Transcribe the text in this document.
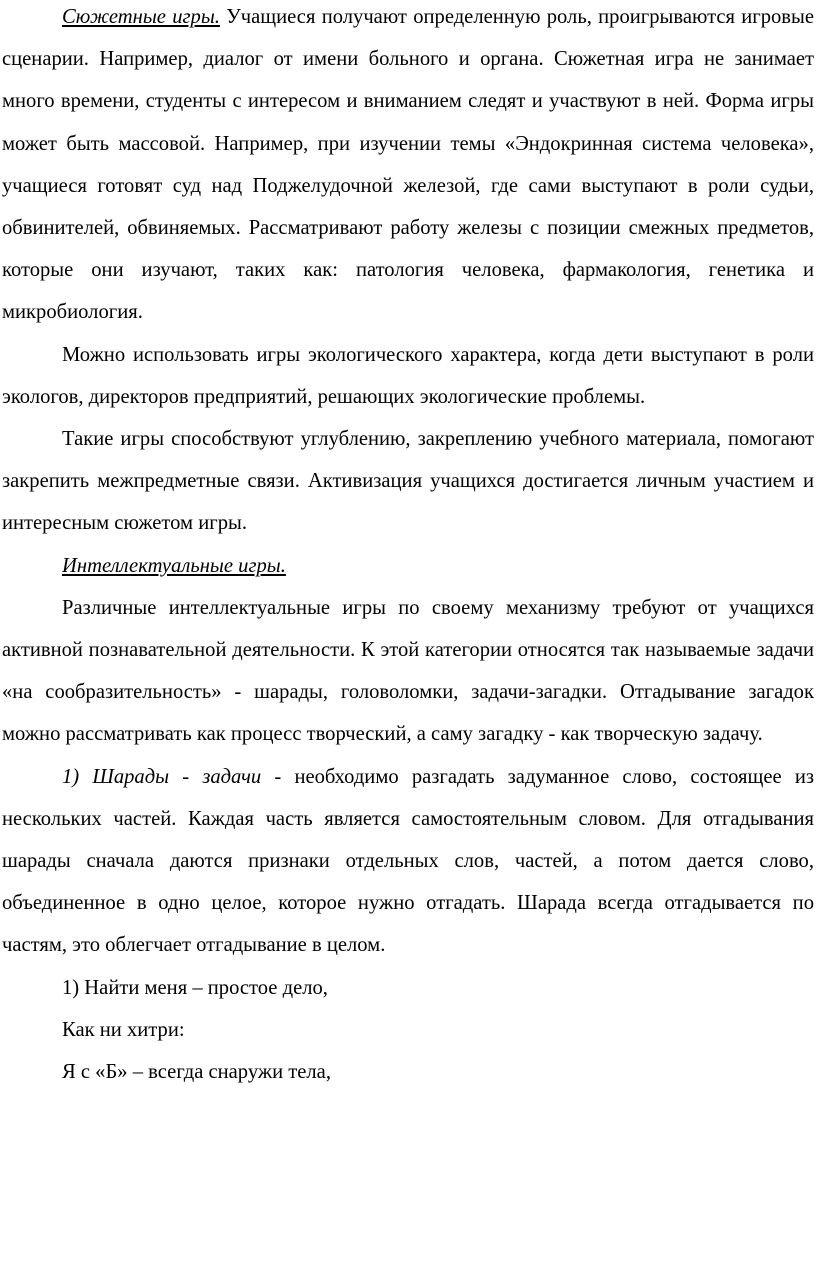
Сюжетные игры. Учащиеся получают определенную роль, проигрываются игровые сценарии. Например, диалог от имени больного и органа. Сюжетная игра не занимает много времени, студенты с интересом и вниманием следят и участвуют в ней. Форма игры может быть массовой. Например, при изучении темы «Эндокринная система человека», учащиеся готовят суд над Поджелудочной железой, где сами выступают в роли судьи, обвинителей, обвиняемых. Рассматривают работу железы с позиции смежных предметов, которые они изучают, таких как: патология человека, фармакология, генетика и микробиология.

Можно использовать игры экологического характера, когда дети выступают в роли экологов, директоров предприятий, решающих экологические проблемы.

Такие игры способствуют углублению, закреплению учебного материала, помогают закрепить межпредметные связи. Активизация учащихся достигается личным участием и интересным сюжетом игры.

Интеллектуальные игры.

Различные интеллектуальные игры по своему механизму требуют от учащихся активной познавательной деятельности. К этой категории относятся так называемые задачи «на сообразительность» - шарады, головоломки, задачи-загадки. Отгадывание загадок можно рассматривать как процесс творческий, а саму загадку - как творческую задачу.

1) Шарады - задачи - необходимо разгадать задуманное слово, состоящее из нескольких частей. Каждая часть является самостоятельным словом. Для отгадывания шарады сначала даются признаки отдельных слов, частей, а потом дается слово, объединенное в одно целое, которое нужно отгадать. Шарада всегда отгадывается по частям, это облегчает отгадывание в целом.

1) Найти меня – простое дело,

Как ни хитри:

Я с «Б» – всегда снаружи тела,
